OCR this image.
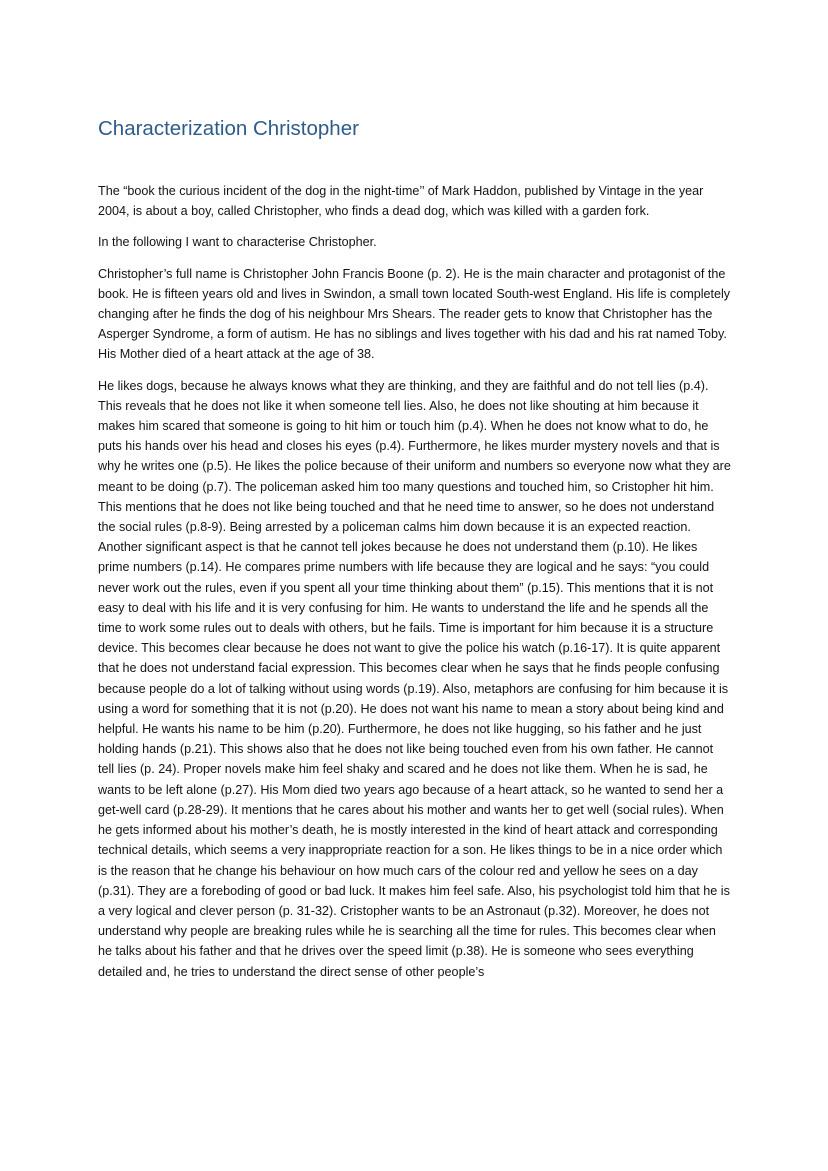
Characterization Christopher

The “book the curious incident of the dog in the night-time’’ of Mark Haddon, published by Vintage in the year 2004, is about a boy, called Christopher, who finds a dead dog, which was killed with a garden fork.

In the following I want to characterise Christopher.

Christopher’s full name is Christopher John Francis Boone (p. 2). He is the main character and protagonist of the book. He is fifteen years old and lives in Swindon, a small town located South-west England. His life is completely changing after he finds the dog of his neighbour Mrs Shears. The reader gets to know that Christopher has the Asperger Syndrome, a form of autism. He has no siblings and lives together with his dad and his rat named Toby. His Mother died of a heart attack at the age of 38.

He likes dogs, because he always knows what they are thinking, and they are faithful and do not tell lies (p.4). This reveals that he does not like it when someone tell lies. Also, he does not like shouting at him because it makes him scared that someone is going to hit him or touch him (p.4). When he does not know what to do, he puts his hands over his head and closes his eyes (p.4). Furthermore, he likes murder mystery novels and that is why he writes one (p.5). He likes the police because of their uniform and numbers so everyone now what they are meant to be doing (p.7). The policeman asked him too many questions and touched him, so Cristopher hit him. This mentions that he does not like being touched and that he need time to answer, so he does not understand the social rules (p.8-9). Being arrested by a policeman calms him down because it is an expected reaction. Another significant aspect is that he cannot tell jokes because he does not understand them (p.10). He likes prime numbers (p.14). He compares prime numbers with life because they are logical and he says: “you could never work out the rules, even if you spent all your time thinking about them” (p.15). This mentions that it is not easy to deal with his life and it is very confusing for him. He wants to understand the life and he spends all the time to work some rules out to deals with others, but he fails. Time is important for him because it is a structure device. This becomes clear because he does not want to give the police his watch (p.16-17). It is quite apparent that he does not understand facial expression. This becomes clear when he says that he finds people confusing because people do a lot of talking without using words (p.19). Also, metaphors are confusing for him because it is using a word for something that it is not (p.20). He does not want his name to mean a story about being kind and helpful. He wants his name to be him (p.20). Furthermore, he does not like hugging, so his father and he just holding hands (p.21). This shows also that he does not like being touched even from his own father. He cannot tell lies (p. 24). Proper novels make him feel shaky and scared and he does not like them. When he is sad, he wants to be left alone (p.27). His Mom died two years ago because of a heart attack, so he wanted to send her a get-well card (p.28-29). It mentions that he cares about his mother and wants her to get well (social rules). When he gets informed about his mother’s death, he is mostly interested in the kind of heart attack and corresponding technical details, which seems a very inappropriate reaction for a son. He likes things to be in a nice order which is the reason that he change his behaviour on how much cars of the colour red and yellow he sees on a day (p.31). They are a foreboding of good or bad luck. It makes him feel safe. Also, his psychologist told him that he is a very logical and clever person (p. 31-32). Cristopher wants to be an Astronaut (p.32). Moreover, he does not understand why people are breaking rules while he is searching all the time for rules. This becomes clear when he talks about his father and that he drives over the speed limit (p.38). He is someone who sees everything detailed and, he tries to understand the direct sense of other people’s
